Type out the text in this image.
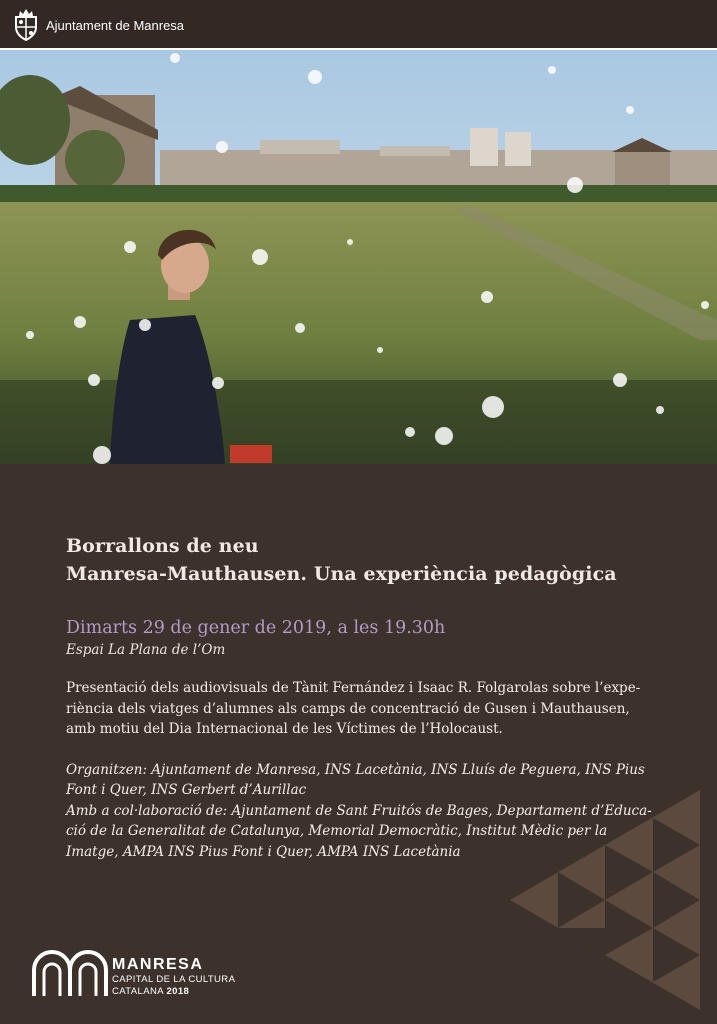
Ajuntament de Manresa
Borrallons de neu
Manresa-Mauthausen. Una experiència pedagògica

Dimarts 29 de gener de 2019, a les 19.30h

Espai La Plana de l’Om

Presentació dels audiovisuals de Tànit Fernández i Isaac R. Folgarolas sobre l’expe-
riència dels viatges d’alumnes als camps de concentració de Gusen i Mauthausen,
amb motiu del Dia Internacional de les Víctimes de l’Holocaust.

Organitzen: Ajuntament de Manresa, INS Lacetània, INS Lluís de Peguera, INS Pius
Font i Quer, INS Gerbert d’Aurillac
Amb a col·laboració de: Ajuntament de Sant Fruitós de Bages, Departament d’Educa-
ció de la Generalitat de Catalunya, Memorial Democràtic, Institut Mèdic per la
Imatge, AMPA INS Pius Font i Quer, AMPA INS Lacetània

MANRESA
CAPITAL DE LA CULTURA
CATALANA 2018
